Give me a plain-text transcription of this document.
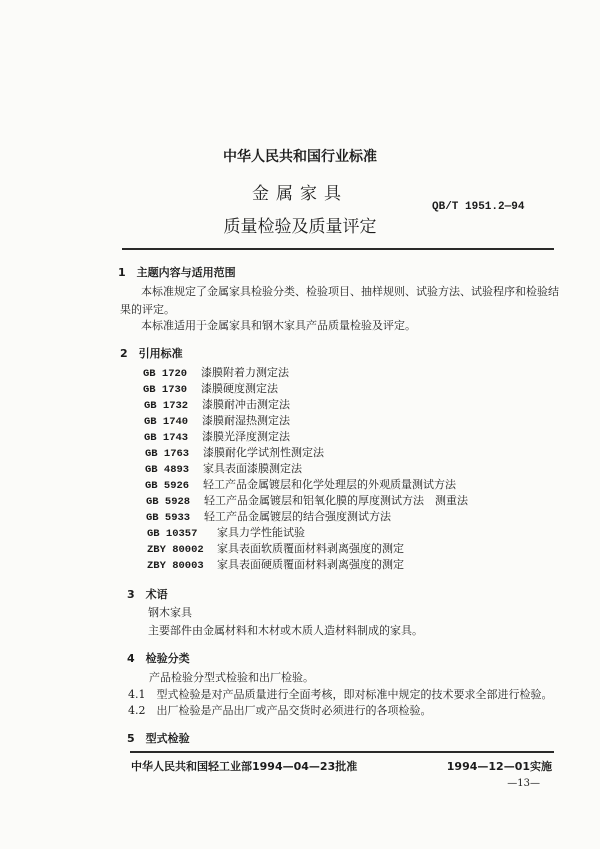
中华人民共和国行业标准
金属家具
QB/T 1951.2—94
质量检验及质量评定
1　主题内容与适用范围
本标准规定了金属家具检验分类、检验项目、抽样规则、试验方法、试验程序和检验结
果的评定。
本标准适用于金属家具和钢木家具产品质量检验及评定。
2　引用标准
GB 1720 漆膜附着力测定法
GB 1730 漆膜硬度测定法
GB 1732 漆膜耐冲击测定法
GB 1740 漆膜耐湿热测定法
GB 1743 漆膜光泽度测定法
GB 1763 漆膜耐化学试剂性测定法
GB 4893 家具表面漆膜测定法
GB 5926 轻工产品金属镀层和化学处理层的外观质量测试方法
GB 5928 轻工产品金属镀层和铝氧化膜的厚度测试方法　测重法
GB 5933 轻工产品金属镀层的结合强度测试方法
GB 10357 家具力学性能试验
ZBY 80002 家具表面软质覆面材料剥离强度的测定
ZBY 80003 家具表面硬质覆面材料剥离强度的测定
3　术语
钢木家具
主要部件由金属材料和木材或木质人造材料制成的家具。
4　检验分类
产品检验分型式检验和出厂检验。
4.1　型式检验是对产品质量进行全面考核，即对标准中规定的技术要求全部进行检验。
4.2　出厂检验是产品出厂或产品交货时必须进行的各项检验。
5　型式检验
中华人民共和国轻工业部1994—04—23批准	1994—12—01实施
—13—
